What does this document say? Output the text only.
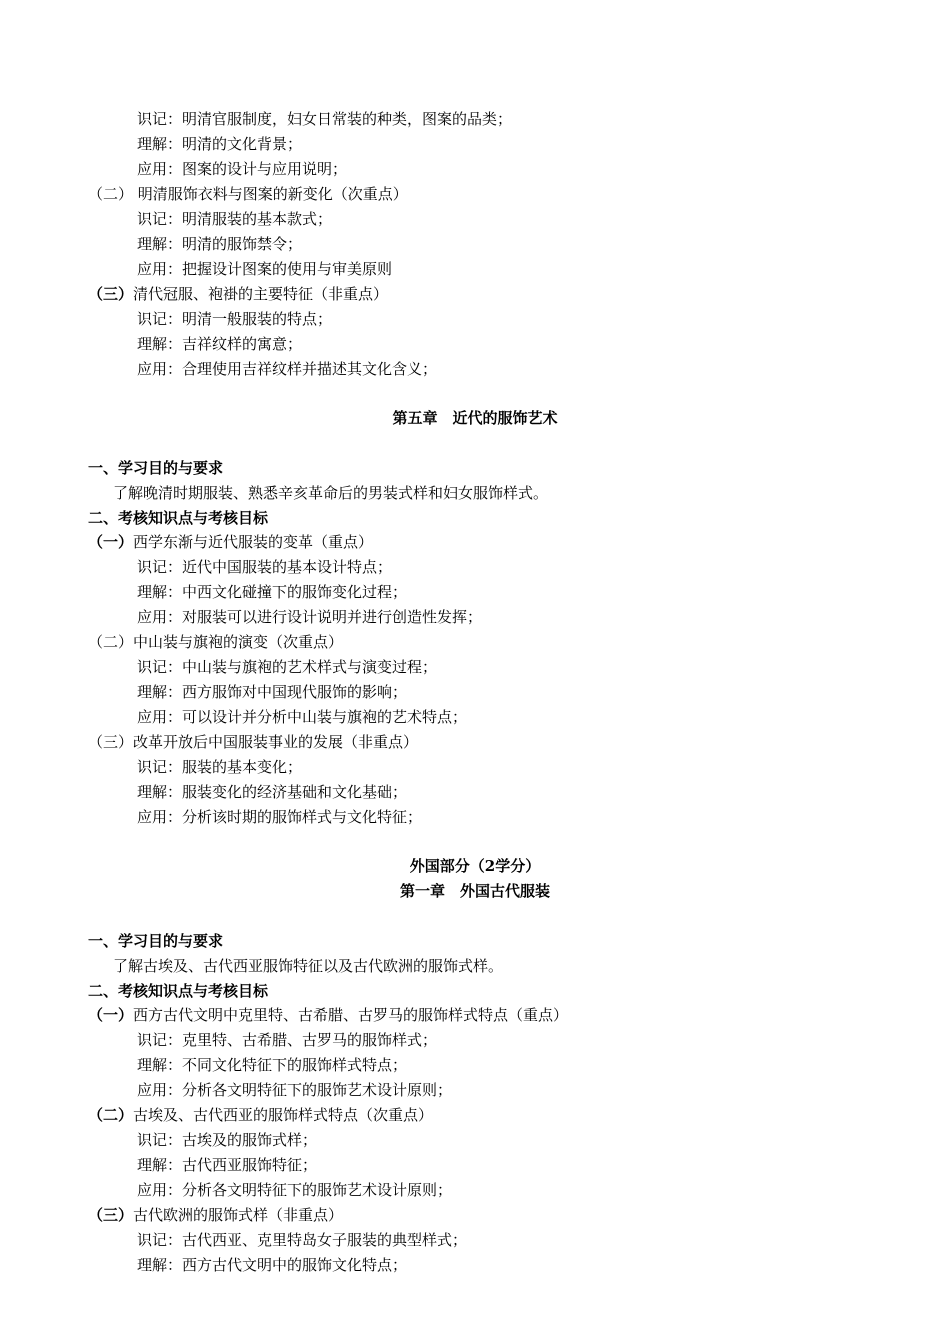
识记：明清官服制度，妇女日常装的种类，图案的品类；
理解：明清的文化背景；
应用：图案的设计与应用说明；
（二） 明清服饰衣料与图案的新变化（次重点）
识记：明清服装的基本款式；
理解：明清的服饰禁令；
应用：把握设计图案的使用与审美原则
（三）清代冠服、袍褂的主要特征（非重点）
识记：明清一般服装的特点；
理解：吉祥纹样的寓意；
应用：合理使用吉祥纹样并描述其文化含义；
第五章　近代的服饰艺术
一、学习目的与要求
了解晚清时期服装、熟悉辛亥革命后的男装式样和妇女服饰样式。
二、考核知识点与考核目标
（一）西学东渐与近代服装的变革（重点）
识记：近代中国服装的基本设计特点；
理解：中西文化碰撞下的服饰变化过程；
应用：对服装可以进行设计说明并进行创造性发挥；
（二）中山装与旗袍的演变（次重点）
识记：中山装与旗袍的艺术样式与演变过程；
理解：西方服饰对中国现代服饰的影响；
应用：可以设计并分析中山装与旗袍的艺术特点；
（三）改革开放后中国服装事业的发展（非重点）
识记：服装的基本变化；
理解：服装变化的经济基础和文化基础；
应用：分析该时期的服饰样式与文化特征；
外国部分（2学分）
第一章　外国古代服装
一、学习目的与要求
了解古埃及、古代西亚服饰特征以及古代欧洲的服饰式样。
二、考核知识点与考核目标
（一）西方古代文明中克里特、古希腊、古罗马的服饰样式特点（重点）
识记：克里特、古希腊、古罗马的服饰样式；
理解：不同文化特征下的服饰样式特点；
应用：分析各文明特征下的服饰艺术设计原则；
（二）古埃及、古代西亚的服饰样式特点（次重点）
识记：古埃及的服饰式样；
理解：古代西亚服饰特征；
应用：分析各文明特征下的服饰艺术设计原则；
（三）古代欧洲的服饰式样（非重点）
识记：古代西亚、克里特岛女子服装的典型样式；
理解：西方古代文明中的服饰文化特点；
